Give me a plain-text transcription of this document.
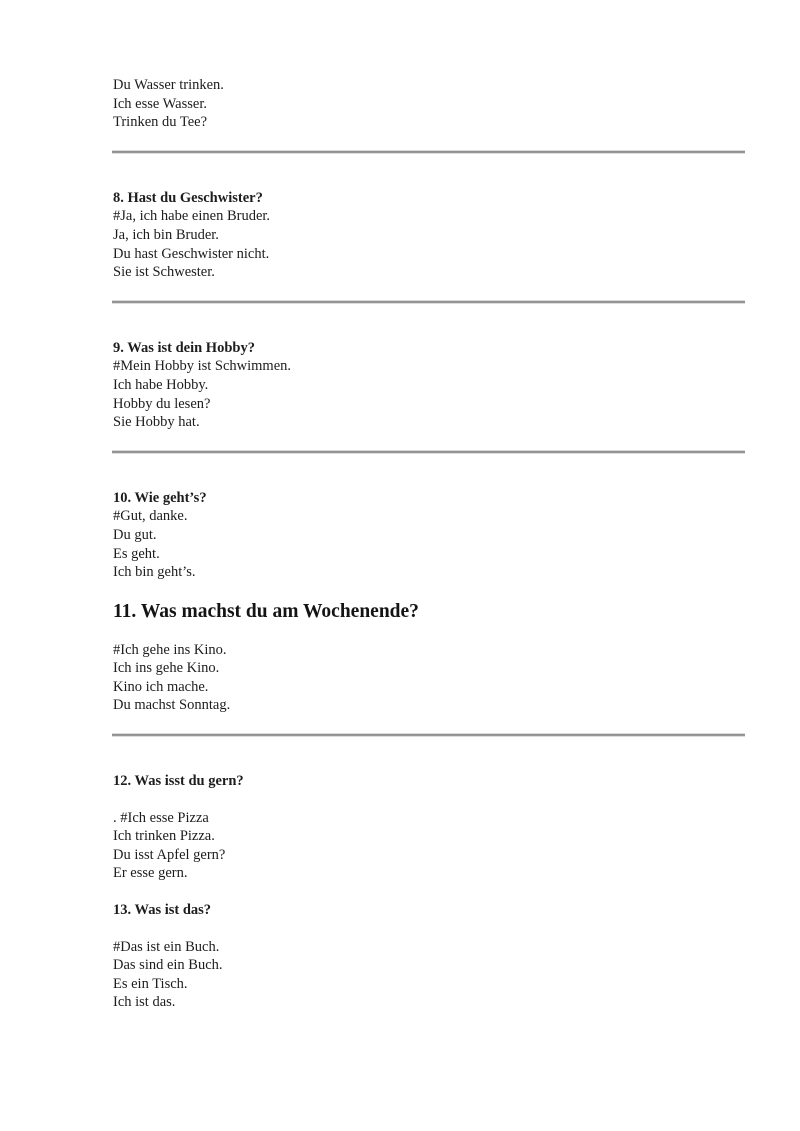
Du Wasser trinken.
Ich esse Wasser.
Trinken du Tee?

8. Hast du Geschwister?
#Ja, ich habe einen Bruder.
Ja, ich bin Bruder.
Du hast Geschwister nicht.
Sie ist Schwester.

9. Was ist dein Hobby?
#Mein Hobby ist Schwimmen.
Ich habe Hobby.
Hobby du lesen?
Sie Hobby hat.

10. Wie geht’s?
#Gut, danke.
Du gut.
Es geht.
Ich bin geht’s.

11. Was machst du am Wochenende?

#Ich gehe ins Kino.
Ich ins gehe Kino.
Kino ich mache.
Du machst Sonntag.

12. Was isst du gern?

. #Ich esse Pizza
Ich trinken Pizza.
Du isst Apfel gern?
Er esse gern.

13. Was ist das?

#Das ist ein Buch.
Das sind ein Buch.
Es ein Tisch.
Ich ist das.
